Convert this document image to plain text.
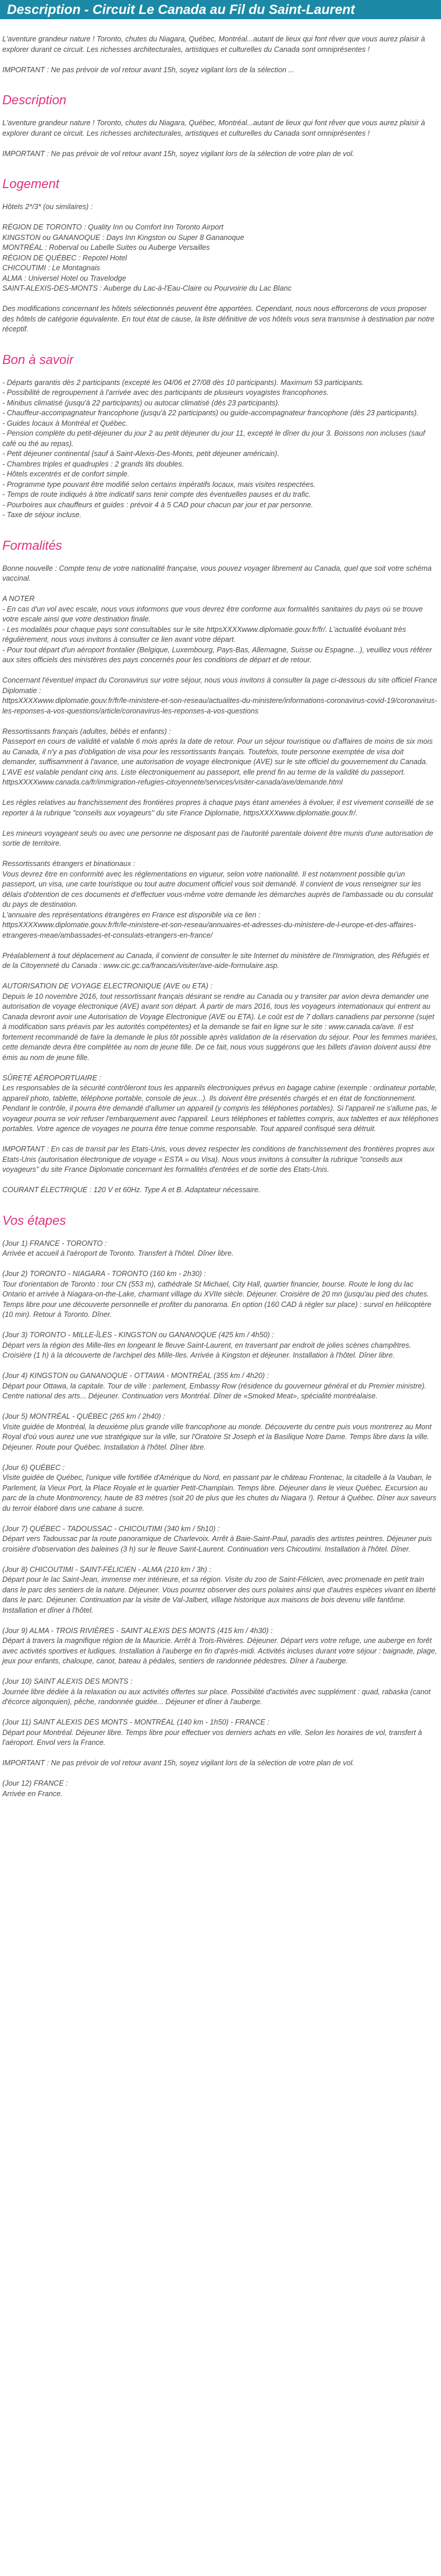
Description - Circuit Le Canada au Fil du Saint-Laurent

L'aventure grandeur nature ! Toronto, chutes du Niagara, Québec, Montréal...autant de lieux qui font rêver que vous aurez plaisir à explorer durant ce circuit. Les richesses architecturales, artistiques et culturelles du Canada sont omniprésentes !

IMPORTANT : Ne pas prévoir de vol retour avant 15h, soyez vigilant lors de la sélection ...

Description

L'aventure grandeur nature ! Toronto, chutes du Niagara, Québec, Montréal...autant de lieux qui font rêver que vous aurez plaisir à explorer durant ce circuit. Les richesses architecturales, artistiques et culturelles du Canada sont omniprésentes !

IMPORTANT : Ne pas prévoir de vol retour avant 15h, soyez vigilant lors de la sélection de votre plan de vol.

Logement

Hôtels 2*/3* (ou similaires) :

RÉGION DE TORONTO : Quality Inn ou Comfort Inn Toronto Airport
KINGSTON ou GANANOQUE : Days Inn Kingston ou Super 8 Gananoque
MONTRÉAL : Roberval ou Labelle Suites ou Auberge Versailles
RÉGION DE QUÉBEC : Repotel Hotel
CHICOUTIMI : Le Montagnais
ALMA : Universel Hotel ou Travelodge
SAINT-ALEXIS-DES-MONTS : Auberge du Lac-à-l'Eau-Claire ou Pourvoirie du Lac Blanc

Des modifications concernant les hôtels sélectionnés peuvent être apportées. Cependant, nous nous efforcerons de vous proposer des hôtels de catégorie équivalente. En tout état de cause, la liste définitive de vos hôtels vous sera transmise à destination par notre réceptif.

Bon à savoir

- Départs garantis dès 2 participants (excepté les 04/06 et 27/08 dès 10 participants). Maximum 53 participants.
- Possibilité de regroupement à l'arrivée avec des participants de plusieurs voyagistes francophones.
- Minibus climatisé (jusqu'à 22 participants) ou autocar climatisé (dès 23 participants).
- Chauffeur-accompagnateur francophone (jusqu'à 22 participants) ou guide-accompagnateur francophone (dès 23 participants).
- Guides locaux à Montréal et Québec.
- Pension complète du petit-déjeuner du jour 2 au petit déjeuner du jour 11, excepté le dîner du jour 3. Boissons non incluses (sauf café ou thé au repas).
- Petit déjeuner continental (sauf à Saint-Alexis-Des-Monts, petit déjeuner américain).
- Chambres triples et quadruples : 2 grands lits doubles.
- Hôtels excentrés et de confort simple.
- Programme type pouvant être modifié selon certains impératifs locaux, mais visites respectées.
- Temps de route indiqués à titre indicatif sans tenir compte des éventuelles pauses et du trafic.
- Pourboires aux chauffeurs et guides : prévoir 4 à 5 CAD pour chacun par jour et par personne.
- Taxe de séjour incluse.

Formalités

Bonne nouvelle : Compte tenu de votre nationalité française, vous pouvez voyager librement au Canada, quel que soit votre schéma vaccinal.

A NOTER
- En cas d'un vol avec escale, nous vous informons que vous devrez être conforme aux formalités sanitaires du pays où se trouve votre escale ainsi que votre destination finale.
- Les modalités pour chaque pays sont consultables sur le site httpsXXXXwww.diplomatie.gouv.fr/fr/. L'actualité évoluant très régulièrement, nous vous invitons à consulter ce lien avant votre départ.
- Pour tout départ d'un aéroport frontalier (Belgique, Luxembourg, Pays-Bas, Allemagne, Suisse ou Espagne...), veuillez vous référer aux sites officiels des ministères des pays concernés pour les conditions de départ et de retour.

Concernant l'éventuel impact du Coronavirus sur votre séjour, nous vous invitons à consulter la page ci-dessous du site officiel France Diplomatie :
httpsXXXXwww.diplomatie.gouv.fr/fr/le-ministere-et-son-reseau/actualites-du-ministere/informations-coronavirus-covid-19/coronavirus-les-reponses-a-vos-questions/article/coronavirus-les-reponses-a-vos-questions

Ressortissants français (adultes, bébés et enfants) :
Passeport en cours de validité et valable 6 mois après la date de retour. Pour un séjour touristique ou d'affaires de moins de six mois au Canada, il n'y a pas d'obligation de visa pour les ressortissants français. Toutefois, toute personne exemptée de visa doit demander, suffisamment à l'avance, une autorisation de voyage électronique (AVE) sur le site officiel du gouvernement du Canada. L'AVE est valable pendant cinq ans. Liste électroniquement au passeport, elle prend fin au terme de la validité du passeport.
httpsXXXXwww.canada.ca/fr/immigration-refugies-citoyennete/services/visiter-canada/ave/demande.html

Les règles relatives au franchissement des frontières propres à chaque pays étant amenées à évoluer, il est vivement conseillé de se reporter à la rubrique "conseils aux voyageurs" du site France Diplomatie, httpsXXXXwww.diplomatie.gouv.fr/.

Les mineurs voyageant seuls ou avec une personne ne disposant pas de l'autorité parentale doivent être munis d'une autorisation de sortie de territoire.

Ressortissants étrangers et binationaux :
Vous devrez être en conformité avec les réglementations en vigueur, selon votre nationalité. Il est notamment possible qu'un passeport, un visa, une carte touristique ou tout autre document officiel vous soit demandé. Il convient de vous renseigner sur les délais d'obtention de ces documents et d'effectuer vous-même votre demande les démarches auprès de l'ambassade ou du consulat du pays de destination.
L'annuaire des représentations étrangères en France est disponible via ce lien :
httpsXXXXwww.diplomatie.gouv.fr/fr/le-ministere-et-son-reseau/annuaires-et-adresses-du-ministere-de-l-europe-et-des-affaires-etrangeres-meae/ambassades-et-consulats-etrangers-en-france/

Préalablement à tout déplacement au Canada, il convient de consulter le site Internet du ministère de l'Immigration, des Réfugiés et de la Citoyenneté du Canada : www.cic.gc.ca/francais/visiter/ave-aide-formulaire.asp.

AUTORISATION DE VOYAGE ELECTRONIQUE (AVE ou ETA) :
Depuis le 10 novembre 2016, tout ressortissant français désirant se rendre au Canada ou y transiter par avion devra demander une autorisation de voyage électronique (AVE) avant son départ. À partir de mars 2016, tous les voyageurs internationaux qui entrent au Canada devront avoir une Autorisation de Voyage Electronique (AVE ou ETA). Le coût est de 7 dollars canadiens par personne (sujet à modification sans préavis par les autorités compétentes) et la demande se fait en ligne sur le site : www.canada.ca/ave. Il est fortement recommandé de faire la demande le plus tôt possible après validation de la réservation du séjour. Pour les femmes mariées, cette demande devra être complétée au nom de jeune fille. De ce fait, nous vous suggérons que les billets d'avion doivent aussi être émis au nom de jeune fille.

SÛRETÉ AÉROPORTUAIRE :
Les responsables de la sécurité contrôleront tous les appareils électroniques prévus en bagage cabine (exemple : ordinateur portable, appareil photo, tablette, téléphone portable, console de jeux...). Ils doivent être présentés chargés et en état de fonctionnement. Pendant le contrôle, il pourra être demandé d'allumer un appareil (y compris les téléphones portables). Si l'appareil ne s'allume pas, le voyageur pourra se voir refuser l'embarquement avec l'appareil. Leurs téléphones et tablettes compris, aux tablettes et aux téléphones portables. Votre agence de voyages ne pourra être tenue comme responsable. Tout appareil confisqué sera détruit.

IMPORTANT : En cas de transit par les Etats-Unis, vous devez respecter les conditions de franchissement des frontières propres aux Etats-Unis (autorisation électronique de voyage « ESTA » ou Visa). Nous vous invitons à consulter la rubrique "conseils aux voyageurs" du site France Diplomatie concernant les formalités d'entrées et de sortie des Etats-Unis.

COURANT ÉLECTRIQUE : 120 V et 60Hz. Type A et B. Adaptateur nécessaire.

Vos étapes

(Jour 1) FRANCE - TORONTO :

Arrivée et accueil à l'aéroport de Toronto. Transfert à l'hôtel. Dîner libre.

(Jour 2) TORONTO - NIAGARA - TORONTO (160 km - 2h30) :

Tour d'orientation de Toronto : tour CN (553 m), cathédrale St Michael, City Hall, quartier financier, bourse. Route le long du lac Ontario et arrivée à Niagara-on-the-Lake, charmant village du XVIIe siècle. Déjeuner. Croisière de 20 mn (jusqu'au pied des chutes. Temps libre pour une découverte personnelle et profiter du panorama. En option (160 CAD à régler sur place) : survol en hélicoptère (10 min). Retour à Toronto. Dîner.

(Jour 3) TORONTO - MILLE-ÎLES - KINGSTON ou GANANOQUE (425 km / 4h50) :

Départ vers la région des Mille-Iles en longeant le fleuve Saint-Laurent, en traversant par endroit de jolies scènes champêtres. Croisière (1 h) à la découverte de l'archipel des Mille-Iles. Arrivée à Kingston et déjeuner. Installation à l'hôtel. Dîner libre.

(Jour 4) KINGSTON ou GANANOQUE - OTTAWA - MONTRÉAL (355 km / 4h20) :

Départ pour Ottawa, la capitale. Tour de ville : parlement, Embassy Row (résidence du gouverneur général et du Premier ministre). Centre national des arts... Déjeuner. Continuation vers Montréal. Dîner de «Smoked Meat», spécialité montréalaise.

(Jour 5) MONTRÉAL - QUÉBEC (265 km / 2h40) :

Visite guidée de Montréal, la deuxième plus grande ville francophone au monde. Découverte du centre puis vous montrerez au Mont Royal d'où vous aurez une vue stratégique sur la ville, sur l'Oratoire St Joseph et la Basilique Notre Dame. Temps libre dans la ville. Déjeuner. Route pour Québec. Installation à l'hôtel. Dîner libre.

(Jour 6) QUÉBEC :

Visite guidée de Québec, l'unique ville fortifiée d'Amérique du Nord, en passant par le château Frontenac, la citadelle à la Vauban, le Parlement, la Vieux Port, la Place Royale et le quartier Petit-Champlain. Temps libre. Déjeuner dans le vieux Québec. Excursion au parc de la chute Montmorency, haute de 83 mètres (soit 20 de plus que les chutes du Niagara !). Retour à Québec. Dîner aux saveurs du terroir élaboré dans une cabane à sucre.

(Jour 7) QUÉBEC - TADOUSSAC - CHICOUTIMI (340 km / 5h10) :

Départ vers Tadoussac par la route panoramique de Charlevoix. Arrêt à Baie-Saint-Paul, paradis des artistes peintres. Déjeuner puis croisière d'observation des baleines (3 h) sur le fleuve Saint-Laurent. Continuation vers Chicoutimi. Installation à l'hôtel. Dîner.

(Jour 8) CHICOUTIMI - SAINT-FÉLICIEN - ALMA (210 km / 3h) :

Départ pour le lac Saint-Jean, immense mer intérieure, et sa région. Visite du zoo de Saint-Félicien, avec promenade en petit train dans le parc des sentiers de la nature. Déjeuner. Vous pourrez observer des ours polaires ainsi que d'autres espèces vivant en liberté dans le parc. Déjeuner. Continuation par la visite de Val-Jalbert, village historique aux maisons de bois devenu ville fantôme. Installation et dîner à l'hôtel.

(Jour 9) ALMA - TROIS RIVIÈRES - SAINT ALEXIS DES MONTS (415 km / 4h30) :

Départ à travers la magnifique région de la Mauricie. Arrêt à Trois-Rivières. Déjeuner. Départ vers votre refuge, une auberge en forêt avec activités sportives et ludiques. Installation à l'auberge en fin d'après-midi. Activités incluses durant votre séjour : baignade, plage, jeux pour enfants, chaloupe, canot, bateau à pédales, sentiers de randonnée pédestres. Dîner à l'auberge.

(Jour 10) SAINT ALEXIS DES MONTS :

Journée libre dédiée à la relaxation ou aux activités offertes sur place. Possibilité d'activités avec supplément : quad, rabaska (canot d'écorce algonquien), pêche, randonnée guidée... Déjeuner et dîner à l'auberge.

(Jour 11) SAINT ALEXIS DES MONTS - MONTRÉAL (140 km - 1h50) - FRANCE :

Départ pour Montréal. Déjeuner libre. Temps libre pour effectuer vos derniers achats en ville. Selon les horaires de vol, transfert à l'aéroport. Envol vers la France.

IMPORTANT : Ne pas prévoir de vol retour avant 15h, soyez vigilant lors de la sélection de votre plan de vol.

(Jour 12) FRANCE :

Arrivée en France.
